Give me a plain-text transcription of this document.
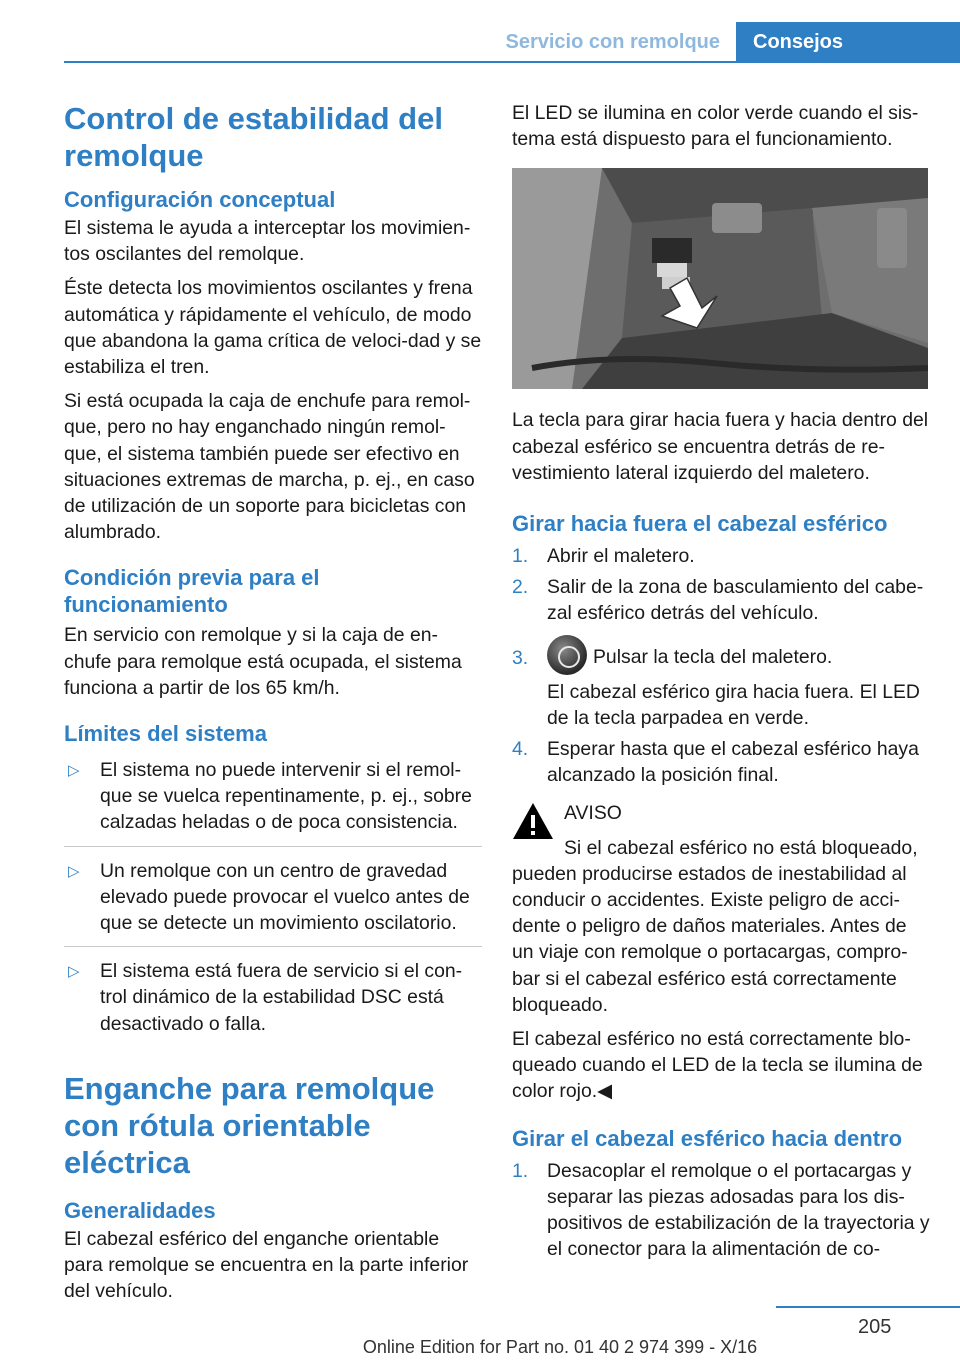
Servicio con remolque	Consejos
Control de estabilidad del remolque
Configuración conceptual

El sistema le ayuda a interceptar los movimien‐tos oscilantes del remolque.

Éste detecta los movimientos oscilantes y frena automática y rápidamente el vehículo, de modo que abandona la gama crítica de veloci‐dad y se estabiliza el tren.

Si está ocupada la caja de enchufe para remol‐que, pero no hay enganchado ningún remol‐que, el sistema también puede ser efectivo en situaciones extremas de marcha, p. ej., en caso de utilización de un soporte para bicicletas con alumbrado.

Condición previa para el funcionamiento

En servicio con remolque y si la caja de en‐chufe para remolque está ocupada, el sistema funciona a partir de los 65 km/h.

Límites del sistema
▷ El sistema no puede intervenir si el remol‐que se vuelca repentinamente, p. ej., sobre calzadas heladas o de poca consistencia.
▷ Un remolque con un centro de gravedad elevado puede provocar el vuelco antes de que se detecte un movimiento oscilatorio.
▷ El sistema está fuera de servicio si el con‐trol dinámico de la estabilidad DSC está desactivado o falla.
Enganche para remolque con rótula orientable eléctrica
Generalidades

El cabezal esférico del enganche orientable para remolque se encuentra en la parte inferior del vehículo.

El LED se ilumina en color verde cuando el sis‐tema está dispuesto para el funcionamiento.

La tecla para girar hacia fuera y hacia dentro del cabezal esférico se encuentra detrás de re‐vestimiento lateral izquierdo del maletero.

Girar hacia fuera el cabezal esférico
1. Abrir el maletero.
2. Salir de la zona de basculamiento del cabe‐zal esférico detrás del vehículo.
3.	Pulsar la tecla del maletero.
El cabezal esférico gira hacia fuera. El LED de la tecla parpadea en verde.
4. Esperar hasta que el cabezal esférico haya alcanzado la posición final.

AVISO

Si el cabezal esférico no está bloqueado, pueden producirse estados de inestabilidad al conducir o accidentes. Existe peligro de acci‐dente o peligro de daños materiales. Antes de un viaje con remolque o portacargas, compro‐bar si el cabezal esférico está correctamente bloqueado.

El cabezal esférico no está correctamente blo‐queado cuando el LED de la tecla se ilumina de color rojo.◀

Girar el cabezal esférico hacia dentro
1. Desacoplar el remolque o el portacargas y separar las piezas adosadas para los dis‐positivos de estabilización de la trayectoria y el conector para la alimentación de co‐
205
Online Edition for Part no. 01 40 2 974 399 - X/16
